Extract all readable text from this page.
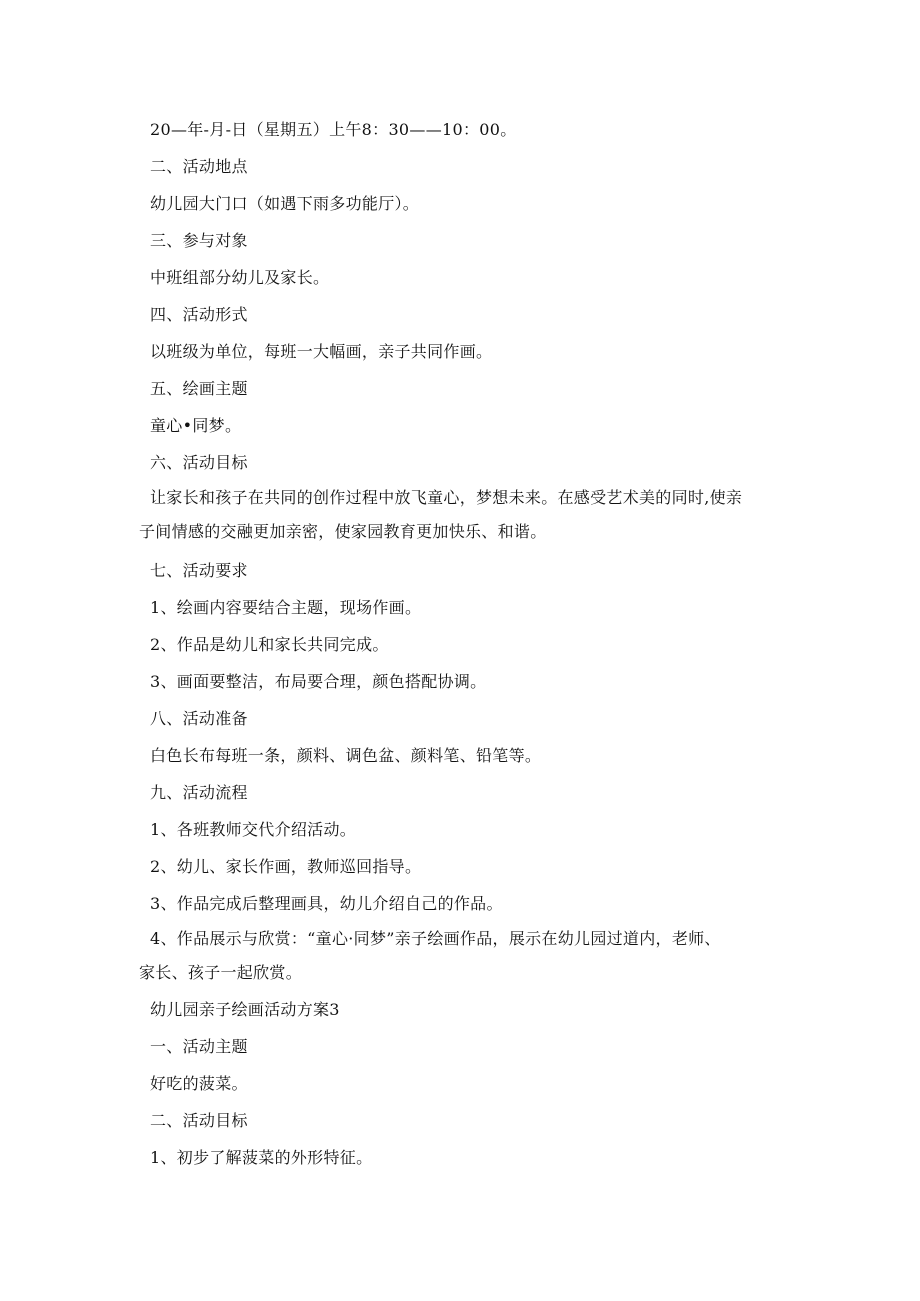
20—年-月-日（星期五）上午8：30——10：00。
二、活动地点
幼儿园大门口（如遇下雨多功能厅）。
三、参与对象
中班组部分幼儿及家长。
四、活动形式
以班级为单位，每班一大幅画，亲子共同作画。
五、绘画主题
童心•同梦。
六、活动目标
让家长和孩子在共同的创作过程中放飞童心，梦想未来。在感受艺术美的同时,使亲
子间情感的交融更加亲密，使家园教育更加快乐、和谐。
七、活动要求
1、绘画内容要结合主题，现场作画。
2、作品是幼儿和家长共同完成。
3、画面要整洁，布局要合理，颜色搭配协调。
八、活动准备
白色长布每班一条，颜料、调色盆、颜料笔、铅笔等。
九、活动流程
1、各班教师交代介绍活动。
2、幼儿、家长作画，教师巡回指导。
3、作品完成后整理画具，幼儿介绍自己的作品。
4、作品展示与欣赏：“童心·同梦”亲子绘画作品，展示在幼儿园过道内，老师、
家长、孩子一起欣赏。
幼儿园亲子绘画活动方案3
一、活动主题
好吃的菠菜。
二、活动目标
1、初步了解菠菜的外形特征。
